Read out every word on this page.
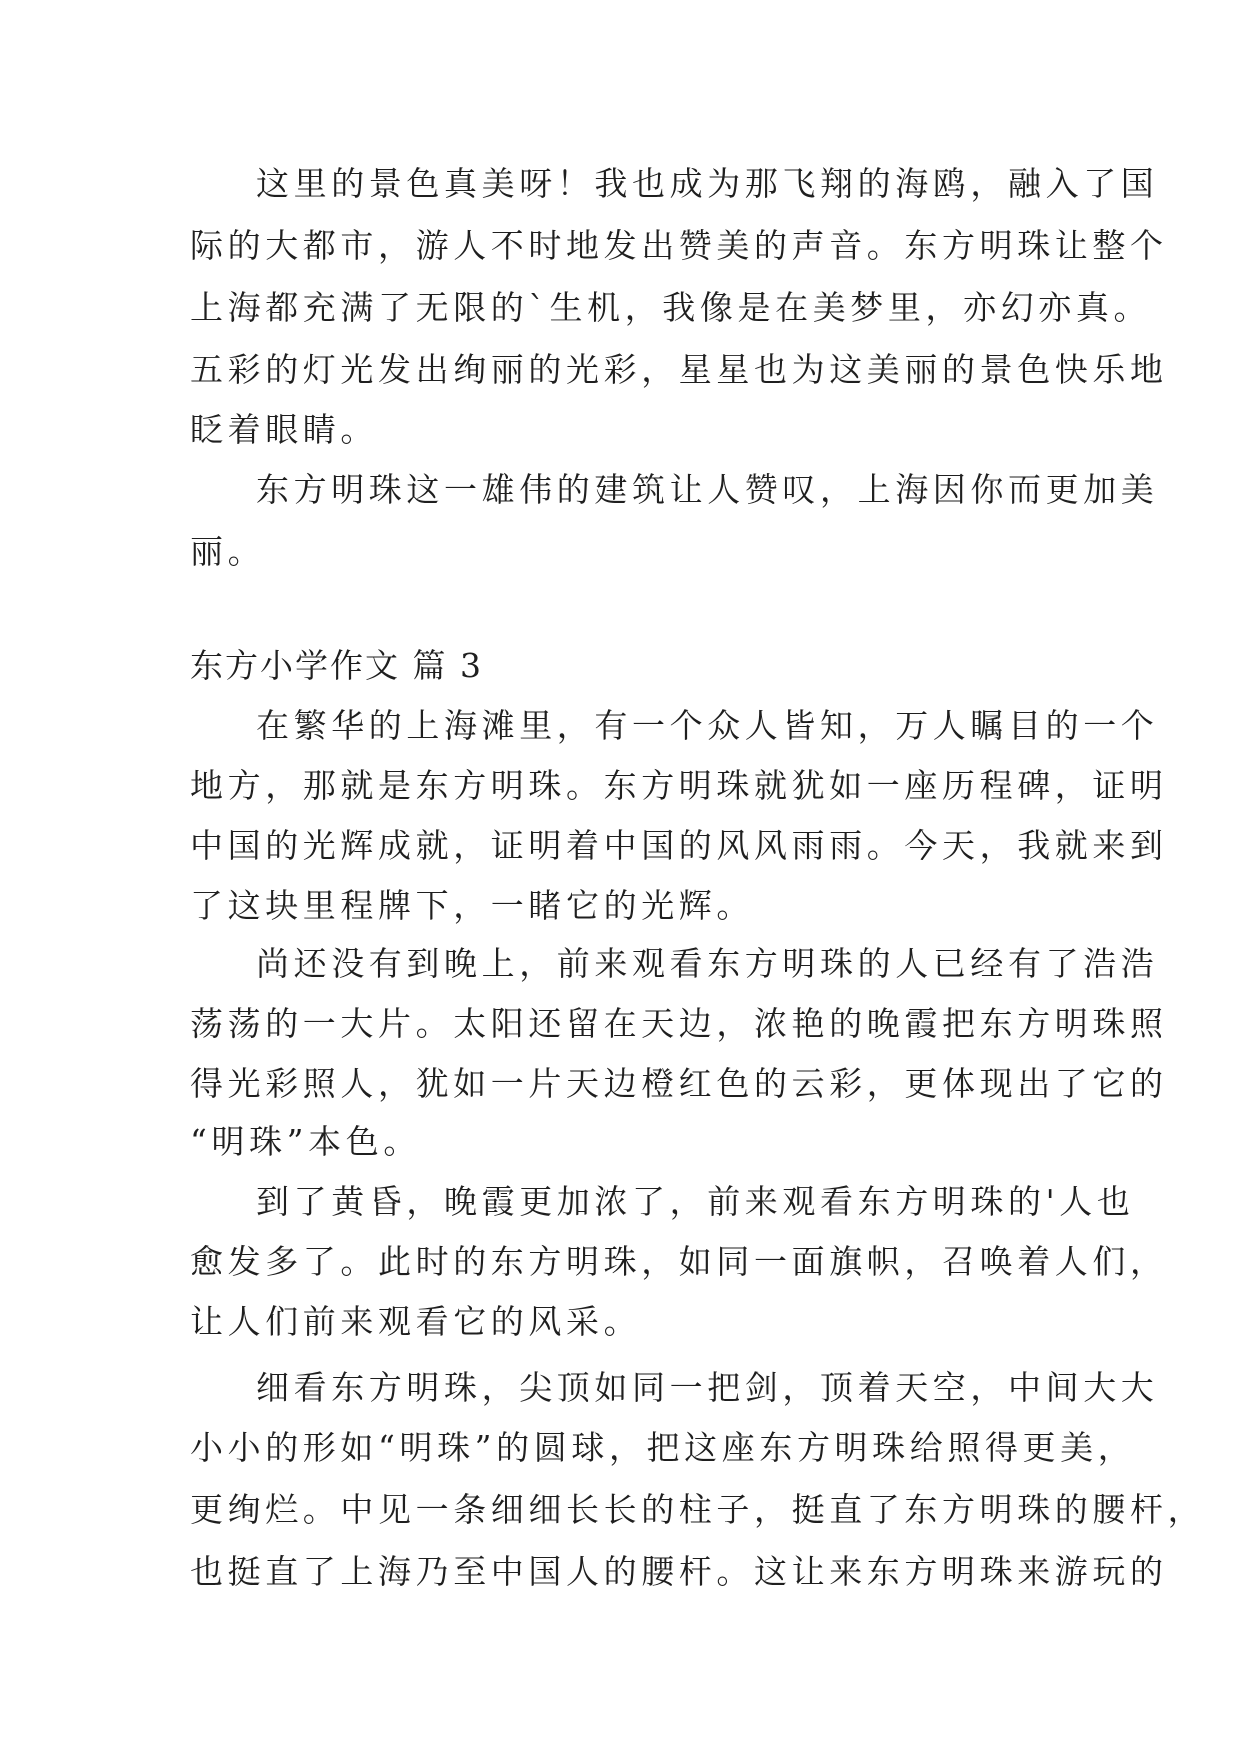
这里的景色真美呀！我也成为那飞翔的海鸥，融入了国
际的大都市，游人不时地发出赞美的声音。东方明珠让整个
上海都充满了无限的`生机，我像是在美梦里，亦幻亦真。
五彩的灯光发出绚丽的光彩，星星也为这美丽的景色快乐地
眨着眼睛。
东方明珠这一雄伟的建筑让人赞叹，上海因你而更加美
丽。
东方小学作文 篇 3
在繁华的上海滩里，有一个众人皆知，万人瞩目的一个
地方，那就是东方明珠。东方明珠就犹如一座历程碑，证明
中国的光辉成就，证明着中国的风风雨雨。今天，我就来到
了这块里程牌下，一睹它的光辉。
尚还没有到晚上，前来观看东方明珠的人已经有了浩浩
荡荡的一大片。太阳还留在天边，浓艳的晚霞把东方明珠照
得光彩照人，犹如一片天边橙红色的云彩，更体现出了它的
“明珠”本色。
到了黄昏，晚霞更加浓了，前来观看东方明珠的'人也
愈发多了。此时的东方明珠，如同一面旗帜，召唤着人们，
让人们前来观看它的风采。
细看东方明珠，尖顶如同一把剑，顶着天空，中间大大
小小的形如“明珠”的圆球，把这座东方明珠给照得更美，
更绚烂。中见一条细细长长的柱子，挺直了东方明珠的腰杆，
也挺直了上海乃至中国人的腰杆。这让来东方明珠来游玩的
